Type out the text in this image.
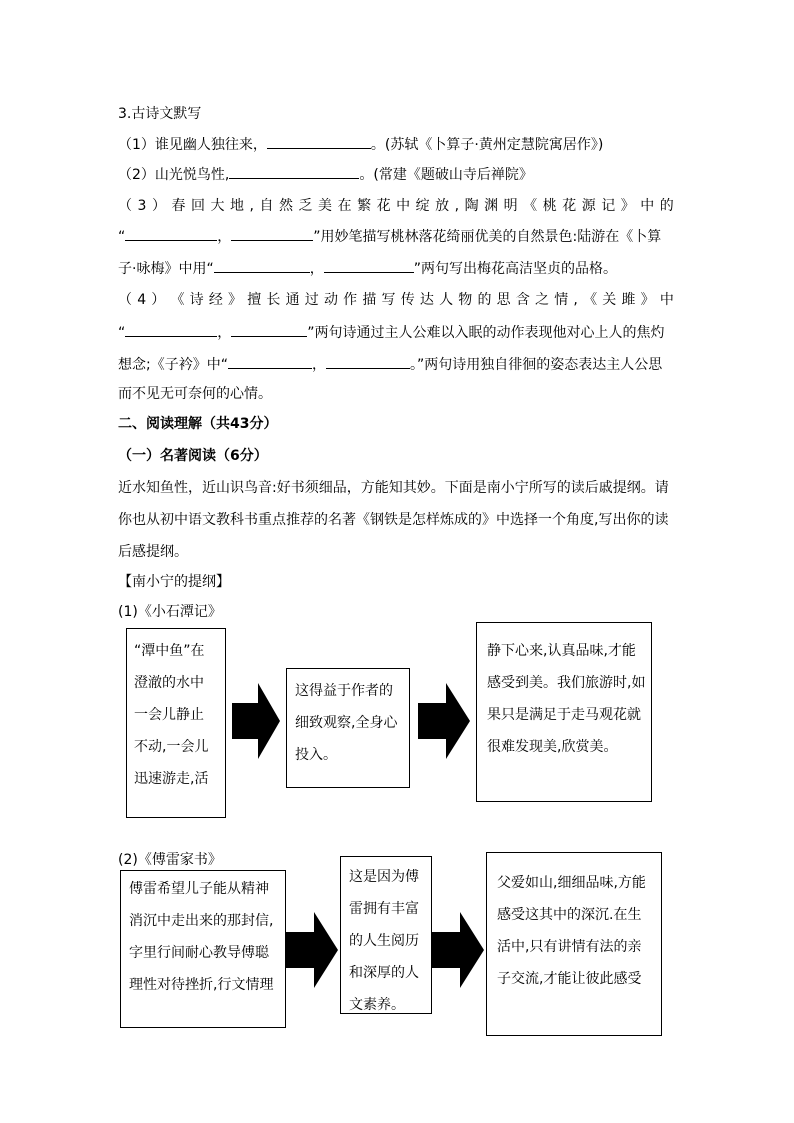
3.古诗文默写
（1）谁见幽人独往来，	。(苏轼《卜算子·黄州定慧院寓居作》)
（2）山光悦鸟性,	。(常建《题破山寺后禅院》
（ 3 ） 春 回 大 地 , 自 然 乏 美 在 繁 花 中 绽 放 , 陶 渊 明 《 桃 花 源 记 》 中 的
“	，	”用妙笔描写桃林落花绮丽优美的自然景色:陆游在《卜算
子·咏梅》中用“	，	”两句写出梅花高洁坚贞的品格。
（ 4 ） 《 诗 经 》 擅 长 通 过 动 作 描 写 传 达 人 物 的 思 含 之 情 , 《 关 雎 》 中
“	，	”两句诗通过主人公难以入眠的动作表现他对心上人的焦灼
想念;《子衿》中“	，	。”两句诗用独自徘徊的姿态表达主人公思
而不见无可奈何的心情。
二、阅读理解（共43分）
（一）名著阅读（6分）
近水知鱼性，近山识鸟音:好书须细品，方能知其妙。下面是南小宁所写的读后戚提纲。请
你也从初中语文教科书重点推荐的名著《钢铁是怎样炼成的》中选择一个角度,写出你的读
后感提纲。
【南小宁的提纲】
(1)《小石潭记》
“潭中鱼”在
澄澈的水中
一会儿静止
不动,一会儿
迅速游走,活
这得益于作者的
细致观察,全身心
投入。
静下心来,认真品味,才能
感受到美。我们旅游时,如
果只是满足于走马观花就
很难发现美,欣赏美。
(2)《傅雷家书》
傅雷希望儿子能从精神
消沉中走出来的那封信,
字里行间耐心教导傅聪
理性对待挫折,行文情理
这是因为傅
雷拥有丰富
的人生阅历
和深厚的人
文素养。
父爱如山,细细品味,方能
感受这其中的深沉.在生
活中,只有讲情有法的亲
子交流,才能让彼此感受
